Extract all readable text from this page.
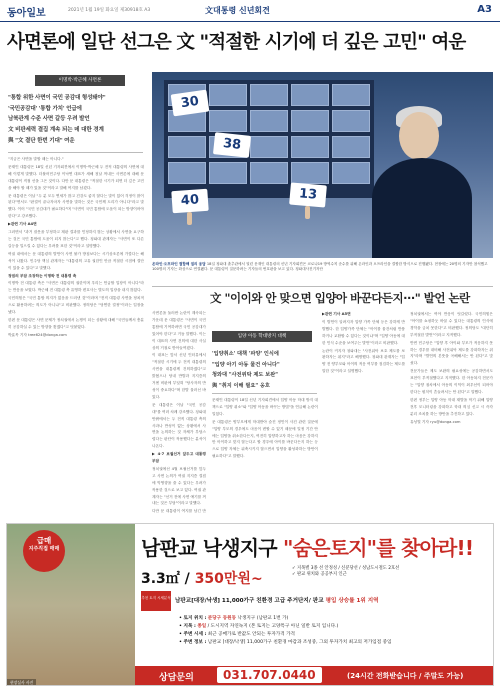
동아일보	2021년 1월 19일 화요일 제30918호 A3	文대통령 신년회견	A3
사면론에 일단 선그은 文 "적절한 시기에 더 깊은 고민" 여운
이명박·박근혜 사면론
"통합 위한 사면이 국민 공감대 형성돼야"
'국민공감대' '통합 가치' 언급에
남북관계 수준 사면 갈등 우려 발언
文 비판세력 결집 계속 되는 데 대한 경계
與 "文 결단 한번 기대" 여운

"지금은 사면을 말할 때는 아니다."

문재인 대통령은 18일 신년 기자회견에서 이명박·박근혜 두 전직 대통령의 사면에 대해 이렇게 말했다. 더불어민주당 이낙연 대표가 새해 첫날 꺼내든 사면론에 대해 문 대통령이 직접 선을 그은 것이다. 다만 문 대통령은 "적절한 시기가 되면 더 깊은 고민을 해야 할 때가 있을 것"이라고 말해 여지를 남겼다.

문 대통령은 이날 "두 분 모두 연세가 많고 건강도 좋지 않다는 말이 있어 걱정이 많이 된다"면서도 "판결이 끝나자마자 사면을 말하는 것은 국민께 도리가 아니다"라고 말했다. 이어 "국민 공감대가 필요하다"며 "사면이 국민 통합에 도움이 되는 방향이어야 한다"고 강조했다.

▶관련 기사 A4면

그러면서 "과거 잘못을 부정하고 재판 결과를 인정하지 않는 상황에서 사면을 요구하는 것은 국민 통합에 도움이 되지 않는다"고 했다. 청와대 관계자는 "사면이 또 다른 갈등을 일으킬 수 있다는 우려를 표한 것"이라고 설명했다.

여권 내에서는 문 대통령의 발언이 사면 불가 방침보다는 시기상조론에 가깝다는 해석이 나왔다. 민주당 핵심 관계자는 "대통령의 고유 권한인 만큼 적절한 시점에 결단이 있을 수 있다"고 말했다.

정권의 부담 조장하는 이명박 전 대통령 측

이명박 전 대통령 측은 "사면은 대통령의 권한이며 우리는 언급할 입장이 아니다"라는 반응을 보였다. 박근혜 전 대통령 측 유영하 변호사는 별도의 입장을 내지 않았다.

국민의힘은 "국민 통합 의지가 없음을 드러낸 것"이라며 "전직 대통령 사면을 정치적으로 활용하려는 의도가 아니냐"고 비판했다. 정의당은 "당연한 결정"이라는 입장을 냈다.

한편 문 대통령은 사면 문제가 정치권에서 논쟁이 되는 상황에 대해 "국민들께서 충분히 공감하실 수 있는 방향을 찾겠다"고 덧붙였다.

박효목 기자 tree624@donga.com

30
38
40	13
온라인·오프라인 결합해 질의 응답 18일 청와대 춘추관에서 열린 문재인 대통령의 신년 기자회견은 코로나19 방역수칙 준수를 위해 온라인과 오프라인을 결합한 방식으로 진행됐다. 현장에는 20명의 기자만 참석했고 100명의 기자는 화상으로 연결됐다. 문 대통령이 질문하려는 기자들의 번호판을 보고 있다. 청와대사진기자단
文 "이이와 안 맞으면 입양아 바꾼다든지···" 발언 논란

사면론을 둘러싼 논란이 계속되는 가운데 문 대통령은 "사면이 국민 통합에 기여하려면 국민 공감대가 있어야 한다"고 거듭 말했다. 이는 이 대표의 사면 건의에 대한 사실상의 거절로 받아들여졌다.

이 대표는 앞서 신년 인터뷰에서 "적절한 시기에 두 전직 대통령의 사면을 대통령께 건의하겠다"고 밝혔으나 당내 반발과 지지층의 거센 비판에 부딪혀 "당사자의 반성이 중요하다"며 한발 물러선 바 있다.

문 대통령은 이날 "국민 공감대"를 여러 차례 강조했다. 청와대 안팎에서는 두 전직 대통령 측의 사과나 반성이 없는 상황에서 사면을 논의하는 것 자체가 부담스럽다는 판단이 작용했다는 분석이 나온다.

▶ 4·7 보궐선거 앞두고 대통령 부담

정치권에선 4월 보궐선거를 앞두고 사면 논의가 여권 지지층 결집에 악영향을 줄 수 있다는 우려가 작용한 것으로 보고 있다. 여권 관계자는 "선거 전에 사면 얘기를 꺼내는 것은 부담"이라고 말했다.

다만 문 대통령이 여지를 남긴 만

입양 아동 학대방지 대책
'입양취소' 대책 '파양' 인식에
"입양 아기 아동 물건 아니다"
청와대 "사전위탁 제도 보완"
與 "취지 이해 필요" 옹호

문재인 대통령이 18일 신년 기자회견에서 입양 아동 학대 방지 대책으로 "입양 취소"와 "입양 아동을 바꾸는 방법"을 언급해 논란이 일었다.

문 대통령은 양부모에게 학대받아 숨진 정인이 사건 관련 질문에 "입양 부모의 경우에도 마음이 변할 수 있기 때문에 일정 기간 안에는 입양을 취소한다든지, 여전히 입양하고자 하는 마음은 강하지만 아이하고 맞지 않는다고 할 경우에 아이를 바꾼다든지 하는 등으로 입양 자체는 위축시키지 않으면서 입양을 활성화하는 방안이 필요하다"고 말했다.

▶관련 기사 A5면

이 발언이 알려지자 입양 가족 단체 등은 강하게 반발했다. 한 입양가족 단체는 "아이를 물건처럼 반품하거나 교환할 수 있다는 것이냐"며 "입양 아동에 대한 인식 수준을 보여주는 발언"이라고 비판했다.

논란이 커지자 청와대는 "사전위탁 보호 제도를 보완하자는 취지"라고 해명했다. 청와대 관계자는 "입양 전 양부모와 아이의 적응 여부를 점검하는 제도를 말한 것"이라고 설명했다.

정치권에서는 여야 반응이 엇갈렸다. 국민의힘은 "아이를 쇼핑하듯 바꿀 수 있다는 대통령의 인식에 경악을 금치 못한다"고 비판했다. 정의당도 "대단히 부적절한 발언"이라고 지적했다.

반면 민주당은 "입양 후 아이와 부모가 적응하지 못하는 경우를 대비해 사전위탁 제도를 강화하자는 취지"라며 "발언의 본뜻을 곡해해서는 안 된다"고 맞섰다.

전문가들은 제도 보완의 필요성에는 공감하면서도 표현이 부적절했다고 지적했다. 한 아동복지 전문가는 "입양 절차에서 아동의 이익이 최우선이 되어야 한다는 원칙이 흔들려서는 안 된다"고 말했다.

한편 정부는 입양 아동 학대 재발을 막기 위해 입양 전후 모니터링을 강화하고 학대 의심 신고 시 즉각 분리 조치를 하는 방안을 추진하고 있다.

유성열 기자 ryu@donga.com

급매
지주직접 매매
현장실사 사진
남판교 낙생지구 "숨은토지"를 찾아라!!
3.3㎡ / 350만원~
✓ 지목별 3종 선 안정성 / 신분당선 / 성남도시철도 2호선
✓ 판교 위치와 공공부지 인근
추천 토지 시세분석 남판교[대장/낙생] 11,000가구 친환경 고급 주거단지/ 판교 평입 상승률 1위 지역
• 토지 위치 : 분당구 동원동 낙생지구 (남판교 1번 가)
• 지목 : 종일 / 도시지역 자연녹지 (본 토지는 고양특구 아닌 일반 토지 입니다.)
• 주변 시세 : 최근 공매가로 반값도 안되는 투자가격 가격
• 주변 정보 : 남판교 [대장/낙생] 11,000가구 친환경 마감과 조성중, 그외 투자가치 최고의 저가입점 중임
상담문의	031.707.0440	(24시간 전화받습니다 / 주말도 가능)
